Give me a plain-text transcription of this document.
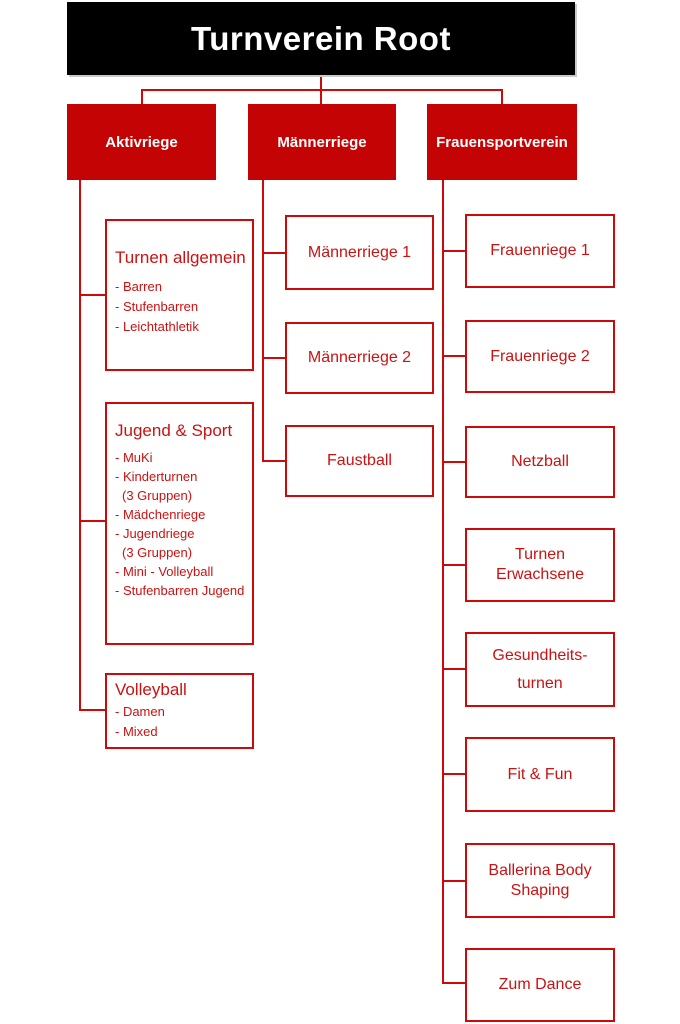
Turnverein Root
Aktivriege	Männerriege	Frauensportverein
Turnen allgemein
- Barren
- Stufenbarren
- Leichtathletik
Jugend & Sport
- MuKi
- Kinderturnen
(3 Gruppen)
- Mädchenriege
- Jugendriege
(3 Gruppen)
- Mini - Volleyball
- Stufenbarren Jugend
Volleyball
- Damen
- Mixed
Männerriege 1
Männerriege 2
Faustball
Frauenriege 1
Frauenriege 2
Netzball
Turnen
Erwachsene
Gesundheits-
turnen
Fit & Fun
Ballerina Body
Shaping
Zum Dance
